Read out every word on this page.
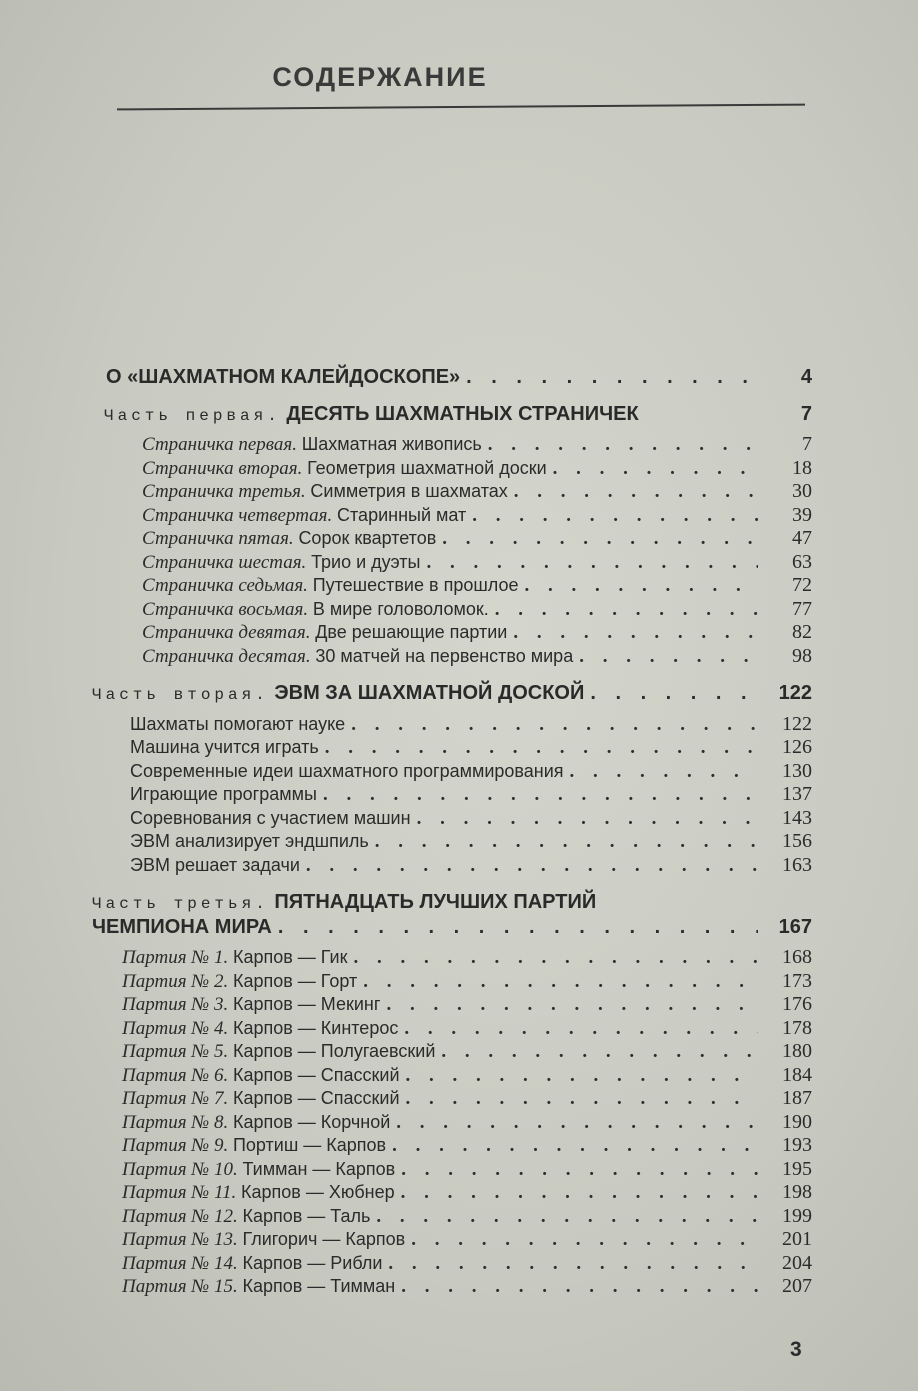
СОДЕРЖАНИЕ
О «ШАХМАТНОМ КАЛЕЙДОСКОПЕ» . . .	4
Часть первая. ДЕСЯТЬ ШАХМАТНЫХ СТРАНИЧЕК	7
Страничка первая. Шахматная живопись . . .	7
Страничка вторая. Геометрия шахматной доски . . .	18
Страничка третья. Симметрия в шахматах . . .	30
Страничка четвертая. Старинный мат . . .	39
Страничка пятая. Сорок квартетов . . .	47
Страничка шестая. Трио и дуэты . . .	63
Страничка седьмая. Путешествие в прошлое . . .	72
Страничка восьмая. В мире головоломок. . . .	77
Страничка девятая. Две решающие партии . . .	82
Страничка десятая. 30 матчей на первенство мира . . .	98
Часть вторая. ЭВМ ЗА ШАХМАТНОЙ ДОСКОЙ . . .	122
Шахматы помогают науке . . .	122
Машина учится играть . . .	126
Современные идеи шахматного программирования . . .	130
Играющие программы . . .	137
Соревнования с участием машин . . .	143
ЭВМ анализирует эндшпиль . . .	156
ЭВМ решает задачи . . .	163
Часть третья. ПЯТНАДЦАТЬ ЛУЧШИХ ПАРТИЙ
ЧЕМПИОНА МИРА . . .	167
Партия № 1. Карпов — Гик . . .	168
Партия № 2. Карпов — Горт . . .	173
Партия № 3. Карпов — Мекинг . . .	176
Партия № 4. Карпов — Кинтерос . . .	178
Партия № 5. Карпов — Полугаевский . . .	180
Партия № 6. Карпов — Спасский . . .	184
Партия № 7. Карпов — Спасский . . .	187
Партия № 8. Карпов — Корчной . . .	190
Партия № 9. Портиш — Карпов . . .	193
Партия № 10. Тимман — Карпов . . .	195
Партия № 11. Карпов — Хюбнер . . .	198
Партия № 12. Карпов — Таль . . .	199
Партия № 13. Глигорич — Карпов . . .	201
Партия № 14. Карпов — Рибли . . .	204
Партия № 15. Карпов — Тимман . . .	207
3
